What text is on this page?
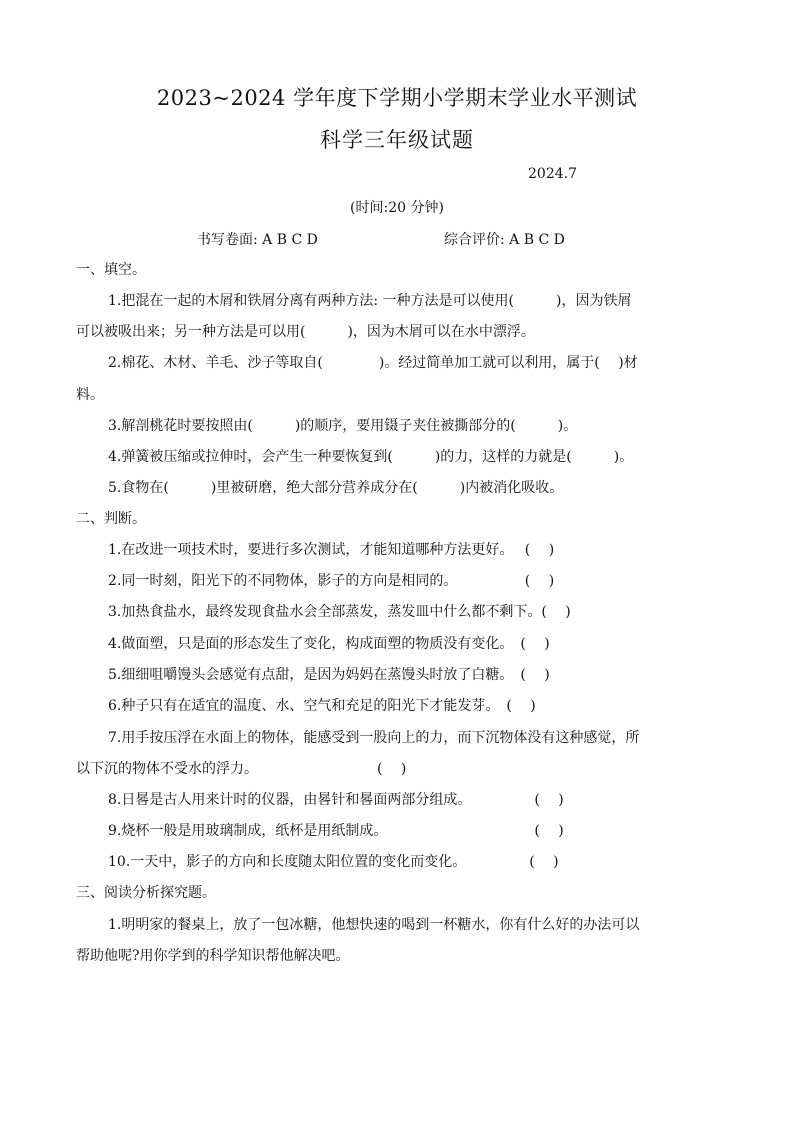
2023~2024 学年度下学期小学期末学业水平测试
科学三年级试题
2024.7
(时间:20 分钟)
书写卷面: A B C D	综合评价: A B C D
一、填空。
1.把混在一起的木屑和铁屑分离有两种方法: 一种方法是可以使用(　　　)，因为铁屑
可以被吸出来；另一种方法是可以用(　　　)，因为木屑可以在水中漂浮。
2.棉花、木材、羊毛、沙子等取自(　　　　)。经过简单加工就可以利用，属于(　 )材
料。
3.解剖桃花时要按照由(　　　)的顺序，要用镊子夹住被撕部分的(　　　)。
4.弹簧被压缩或拉伸时，会产生一种要恢复到(　　　)的力，这样的力就是(　　　)。
5.食物在(　　　)里被研磨，绝大部分营养成分在(　　　)内被消化吸收。
二、判断。
1.在改进一项技术时，要进行多次测试，才能知道哪种方法更好。　 (　 )
2.同一时刻，阳光下的不同物体，影子的方向是相同的。　　　　　 (　 )
3.加热食盐水，最终发现食盐水会全部蒸发，蒸发皿中什么都不剩下。(　 )
4.做面塑，只是面的形态发生了变化，构成面塑的物质没有变化。　(　 )
5.细细咀嚼馒头会感觉有点甜，是因为妈妈在蒸馒头时放了白糖。　(　 )
6.种子只有在适宜的温度、水、空气和充足的阳光下才能发芽。　(　 )
7.用手按压浮在水面上的物体，能感受到一股向上的力，而下沉物体没有这种感觉，所
以下沉的物体不受水的浮力。　　　　　　　　　(　 )
8.日晷是古人用来计时的仪器，由晷针和晷面两部分组成。　　　　　(　 )
9.烧杯一般是用玻璃制成，纸杯是用纸制成。　　　　　　　　　　　(　 )
10.一天中，影子的方向和长度随太阳位置的变化而变化。　　　　　(　 )
三、阅读分析探究题。
1.明明家的餐桌上，放了一包冰糖，他想快速的喝到一杯糖水，你有什么好的办法可以
帮助他呢?用你学到的科学知识帮他解决吧。
